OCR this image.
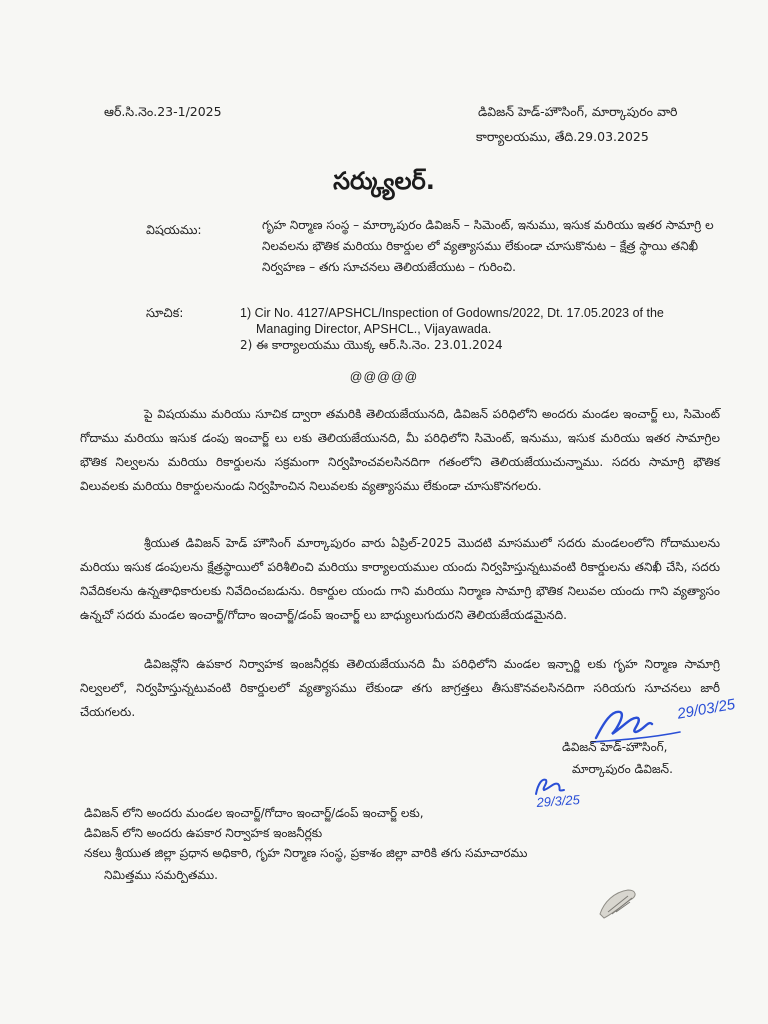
ఆర్.సి.నెం.23-1/2025	డివిజన్ హెడ్-హౌసింగ్, మార్కాపురం వారి
కార్యాలయము, తేది.29.03.2025
సర్క్యులర్.
విషయము:	గృహ నిర్మాణ సంస్థ – మార్కాపురం డివిజన్ – సిమెంట్, ఇనుము, ఇసుక మరియు ఇతర సామాగ్రి ల నిలవలను భౌతిక మరియు రికార్డుల లో వ్యత్యాసము లేకుండా చూసుకొనుట – క్షేత్ర స్థాయి తనిఖీ నిర్వహణ – తగు సూచనలు తెలియజేయుట – గురించి.
సూచిక:	1) Cir No. 4127/APSHCL/Inspection of Godowns/2022, Dt. 17.05.2023 of the
Managing Director, APSHCL., Vijayawada.
2) ఈ కార్యాలయము యొక్క ఆర్.సి.నెం. 23.01.2024
@@@@@
పై విషయము మరియు సూచిక ద్వారా తమరికి తెలియజేయునది, డివిజన్ పరిధిలోని అందరు మండల ఇంచార్జ్ లు, సిమెంట్ గోదాము మరియు ఇసుక డంపు ఇంచార్జ్ లు లకు తెలియజేయునది, మీ పరిధిలోని సిమెంట్, ఇనుము, ఇసుక మరియు ఇతర సామాగ్రిల భౌతిక నిల్వలను మరియు రికార్డులను సక్రమంగా నిర్వహించవలసినదిగా గతంలోని తెలియజేయుచున్నాము. సదరు సామాగ్రి భౌతిక విలువలకు మరియు రికార్డులనుండు నిర్వహించిన నిలువలకు వ్యత్యాసము లేకుండా చూసుకొనగలరు.
శ్రీయుత డివిజన్ హెడ్ హౌసింగ్ మార్కాపురం వారు ఏప్రిల్-2025 మొదటి మాసములో సదరు మండలంలోని గోదాములను మరియు ఇసుక డంపులను క్షేత్రస్థాయిలో పరిశీలించి మరియు కార్యాలయముల యందు నిర్వహిస్తున్నటువంటి రికార్డులను తనిఖీ చేసి, సదరు నివేదికలను ఉన్నతాధికారులకు నివేదించబడును. రికార్డుల యందు గాని మరియు నిర్మాణ సామాగ్రి భౌతిక నిలువల యందు గాని వ్యత్యాసం ఉన్నచో సదరు మండల ఇంచార్జ్/గోదాం ఇంచార్జ్/డంప్ ఇంచార్జ్ లు బాధ్యులుగుదురని తెలియజేయడమైనది.
డివిజన్లోని ఉపకార నిర్వాహక ఇంజనీర్లకు తెలియజేయునది మీ పరిధిలోని మండల ఇన్చార్జి లకు గృహ నిర్మాణ సామాగ్రి నిల్వలలో, నిర్వహిస్తున్నటువంటి రికార్డులలో వ్యత్యాసము లేకుండా తగు జాగ్రత్తలు తీసుకొనవలసినదిగా సరియగు సూచనలు జారీ చేయగలరు.	29/03/25
డివిజన్ హెడ్-హౌసింగ్,
మార్కాపురం డివిజన్.
29/3/25
డివిజన్ లోని అందరు మండల ఇంచార్జ్/గోదాం ఇంచార్జ్/డంప్ ఇంచార్జ్ లకు,
డివిజన్ లోని అందరు ఉపకార నిర్వాహక ఇంజనీర్లకు
నకలు శ్రీయుత జిల్లా ప్రధాన అధికారి, గృహ నిర్మాణ సంస్థ, ప్రకాశం జిల్లా వారికి తగు సమాచారము
నిమిత్తము సమర్పితము.
